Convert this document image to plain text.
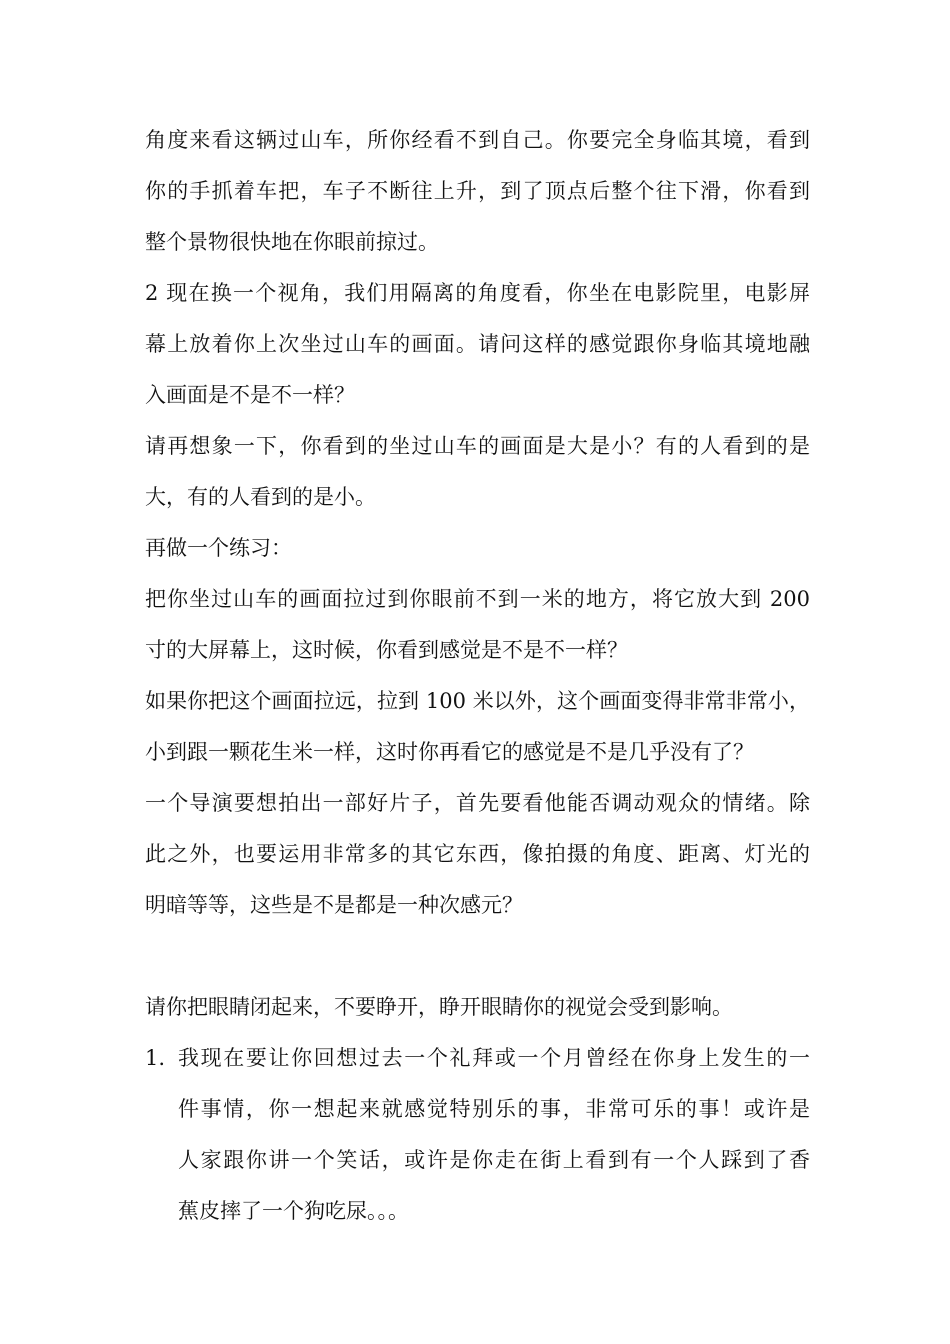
角度来看这辆过山车，所你经看不到自己。你要完全身临其境，看到
你的手抓着车把，车子不断往上升，到了顶点后整个往下滑，你看到
整个景物很快地在你眼前掠过。
2 现在换一个视角，我们用隔离的角度看，你坐在电影院里，电影屏
幕上放着你上次坐过山车的画面。请问这样的感觉跟你身临其境地融
入画面是不是不一样？
请再想象一下，你看到的坐过山车的画面是大是小？有的人看到的是
大，有的人看到的是小。
再做一个练习：
把你坐过山车的画面拉过到你眼前不到一米的地方，将它放大到 200
寸的大屏幕上，这时候，你看到感觉是不是不一样？
如果你把这个画面拉远，拉到 100 米以外，这个画面变得非常非常小，
小到跟一颗花生米一样，这时你再看它的感觉是不是几乎没有了？
一个导演要想拍出一部好片子，首先要看他能否调动观众的情绪。除
此之外，也要运用非常多的其它东西，像拍摄的角度、距离、灯光的
明暗等等，这些是不是都是一种次感元？
请你把眼睛闭起来，不要睁开，睁开眼睛你的视觉会受到影响。
1. 我现在要让你回想过去一个礼拜或一个月曾经在你身上发生的一
件事情，你一想起来就感觉特别乐的事，非常可乐的事！或许是
人家跟你讲一个笑话，或许是你走在街上看到有一个人踩到了香
蕉皮摔了一个狗吃尿。。。
